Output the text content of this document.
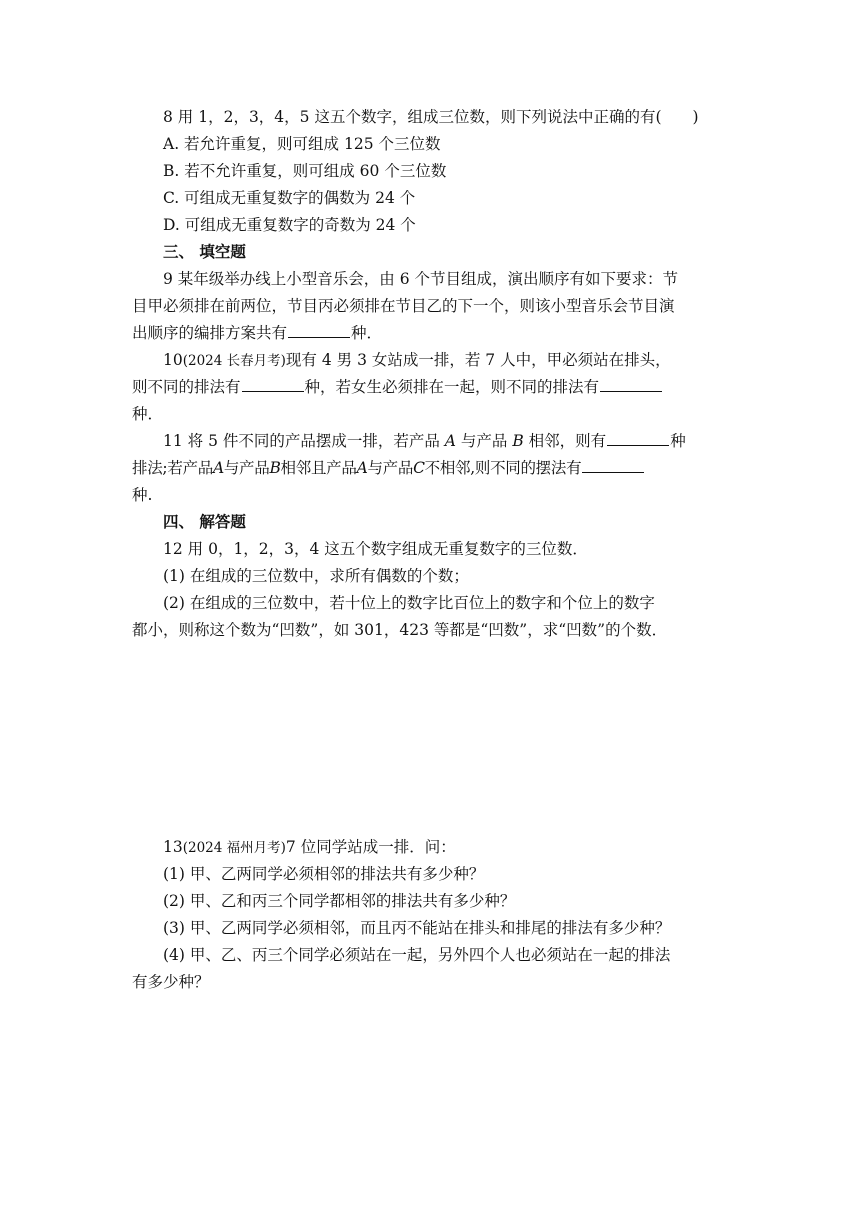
8 用 1，2，3，4，5 这五个数字，组成三位数，则下列说法中正确的有(　　)
A. 若允许重复，则可组成 125 个三位数
B. 若不允许重复，则可组成 60 个三位数
C. 可组成无重复数字的偶数为 24 个
D. 可组成无重复数字的奇数为 24 个
三、 填空题
9 某年级举办线上小型音乐会，由 6 个节目组成，演出顺序有如下要求：节
目甲必须排在前两位，节目丙必须排在节目乙的下一个，则该小型音乐会节目演
出顺序的编排方案共有	种．
10(2024 长春月考)现有 4 男 3 女站成一排，若 7 人中，甲必须站在排头，
则不同的排法有	种，若女生必须排在一起，则不同的排法有
种．
11 将 5 件不同的产品摆成一排，若产品 A 与产品 B 相邻，则有	种
排法;若产品A与产品B相邻且产品A与产品C不相邻,则不同的摆法有
种.
四、 解答题
12 用 0，1，2，3，4 这五个数字组成无重复数字的三位数．
(1) 在组成的三位数中，求所有偶数的个数；
(2) 在组成的三位数中，若十位上的数字比百位上的数字和个位上的数字
都小，则称这个数为“凹数”，如 301，423 等都是“凹数”，求“凹数”的个数．
13(2024 福州月考)7 位同学站成一排．问：
(1) 甲、乙两同学必须相邻的排法共有多少种？
(2) 甲、乙和丙三个同学都相邻的排法共有多少种？
(3) 甲、乙两同学必须相邻，而且丙不能站在排头和排尾的排法有多少种？
(4) 甲、乙、丙三个同学必须站在一起，另外四个人也必须站在一起的排法
有多少种？
